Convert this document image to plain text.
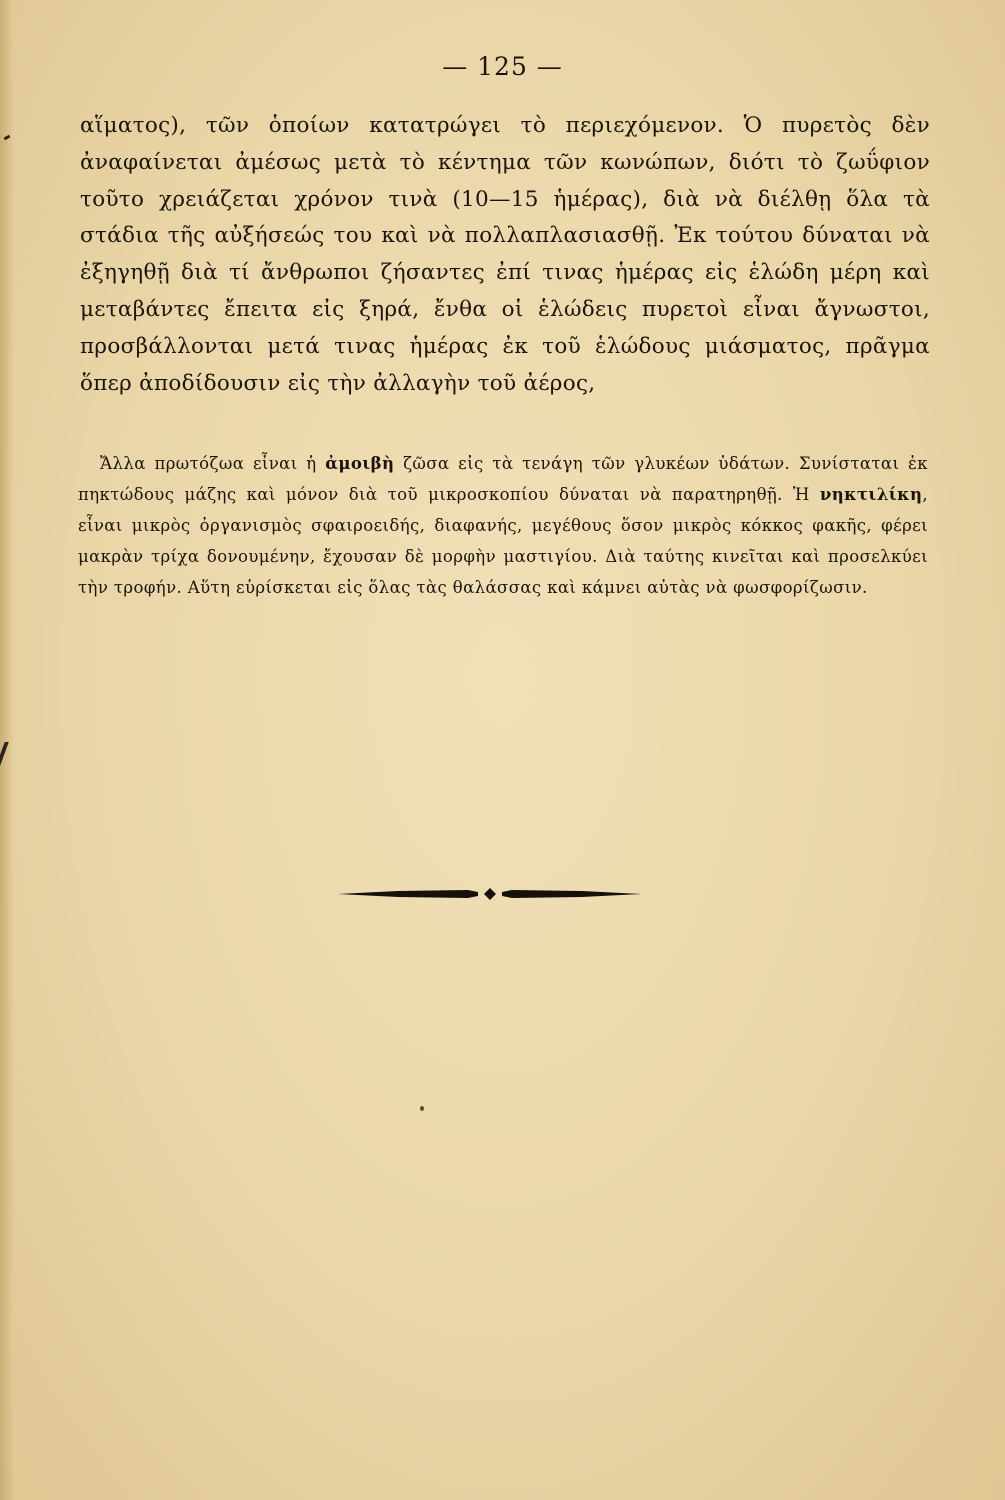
— 125 —

αἵματος), τῶν ὁποίων κατατρώγει τὸ περιεχόμενον. Ὁ πυρετὸς δὲν ἀναφαίνεται ἀμέσως μετὰ τὸ κέντημα τῶν κωνώπων, διότι τὸ ζωΰφιον τοῦτο χρειάζεται χρόνον τινὰ (10—15 ἡμέρας), διὰ νὰ διέλθῃ ὅλα τὰ στάδια τῆς αὐξήσεώς του καὶ νὰ πολλαπλασιασθῇ. Ἐκ τούτου δύναται νὰ ἐξηγηθῇ διὰ τί ἄνθρωποι ζήσαντες ἐπί τινας ἡμέρας εἰς ἑλώδη μέρη καὶ μεταβάντες ἔπειτα εἰς ξηρά, ἔνθα οἱ ἑλώδεις πυρετοὶ εἶναι ἄγνωστοι, προσβάλλονται μετά τινας ἡμέρας ἐκ τοῦ ἑλώδους μιάσματος, πρᾶγμα ὅπερ ἀποδίδουσιν εἰς τὴν ἀλλαγὴν τοῦ ἀέρος,

Ἄλλα πρωτόζωα εἶναι ἡ ἀμοιβὴ ζῶσα εἰς τὰ τενάγη τῶν γλυκέων ὑδάτων. Συνίσταται ἐκ πηκτώδους μάζης καὶ μόνον διὰ τοῦ μικροσκοπίου δύναται νὰ παρατηρηθῇ. Ἡ νηκτιλίκη, εἶναι μικρὸς ὀργανισμὸς σφαιροειδής, διαφανής, μεγέθους ὅσον μικρὸς κόκκος φακῆς, φέρει μακρὰν τρίχα δονουμένην, ἔχουσαν δὲ μορφὴν μαστιγίου. Διὰ ταύτης κινεῖται καὶ προσελκύει τὴν τροφήν. Αὕτη εὑρίσκεται εἰς ὅλας τὰς θαλάσσας καὶ κάμνει αὐτὰς νὰ φωσφορίζωσιν.
